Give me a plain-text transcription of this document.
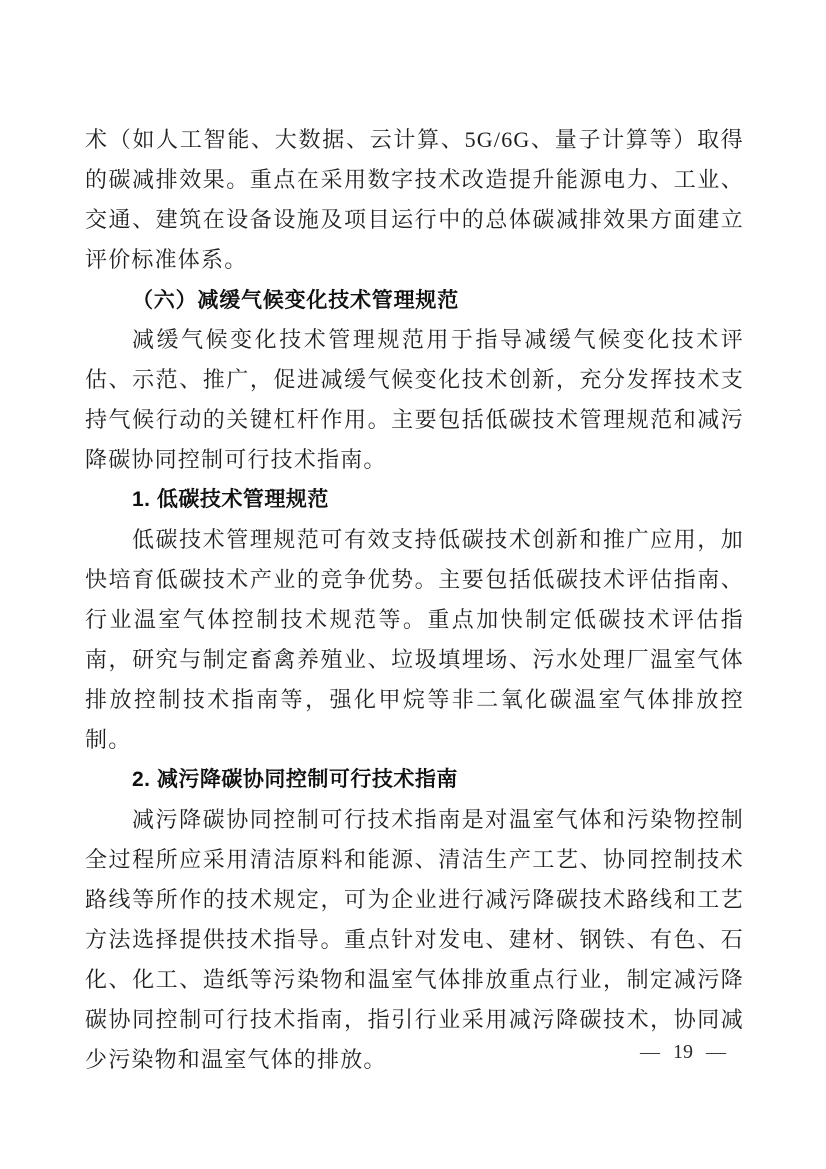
术（如人工智能、大数据、云计算、5G/6G、量子计算等）取得的碳减排效果。重点在采用数字技术改造提升能源电力、工业、交通、建筑在设备设施及项目运行中的总体碳减排效果方面建立评价标准体系。

（六）减缓气候变化技术管理规范

减缓气候变化技术管理规范用于指导减缓气候变化技术评估、示范、推广，促进减缓气候变化技术创新，充分发挥技术支持气候行动的关键杠杆作用。主要包括低碳技术管理规范和减污降碳协同控制可行技术指南。

1. 低碳技术管理规范

低碳技术管理规范可有效支持低碳技术创新和推广应用，加快培育低碳技术产业的竞争优势。主要包括低碳技术评估指南、行业温室气体控制技术规范等。重点加快制定低碳技术评估指南，研究与制定畜禽养殖业、垃圾填埋场、污水处理厂温室气体排放控制技术指南等，强化甲烷等非二氧化碳温室气体排放控制。

2. 减污降碳协同控制可行技术指南

减污降碳协同控制可行技术指南是对温室气体和污染物控制全过程所应采用清洁原料和能源、清洁生产工艺、协同控制技术路线等所作的技术规定，可为企业进行减污降碳技术路线和工艺方法选择提供技术指导。重点针对发电、建材、钢铁、有色、石化、化工、造纸等污染物和温室气体排放重点行业，制定减污降碳协同控制可行技术指南，指引行业采用减污降碳技术，协同减少污染物和温室气体的排放。	— 19 —
